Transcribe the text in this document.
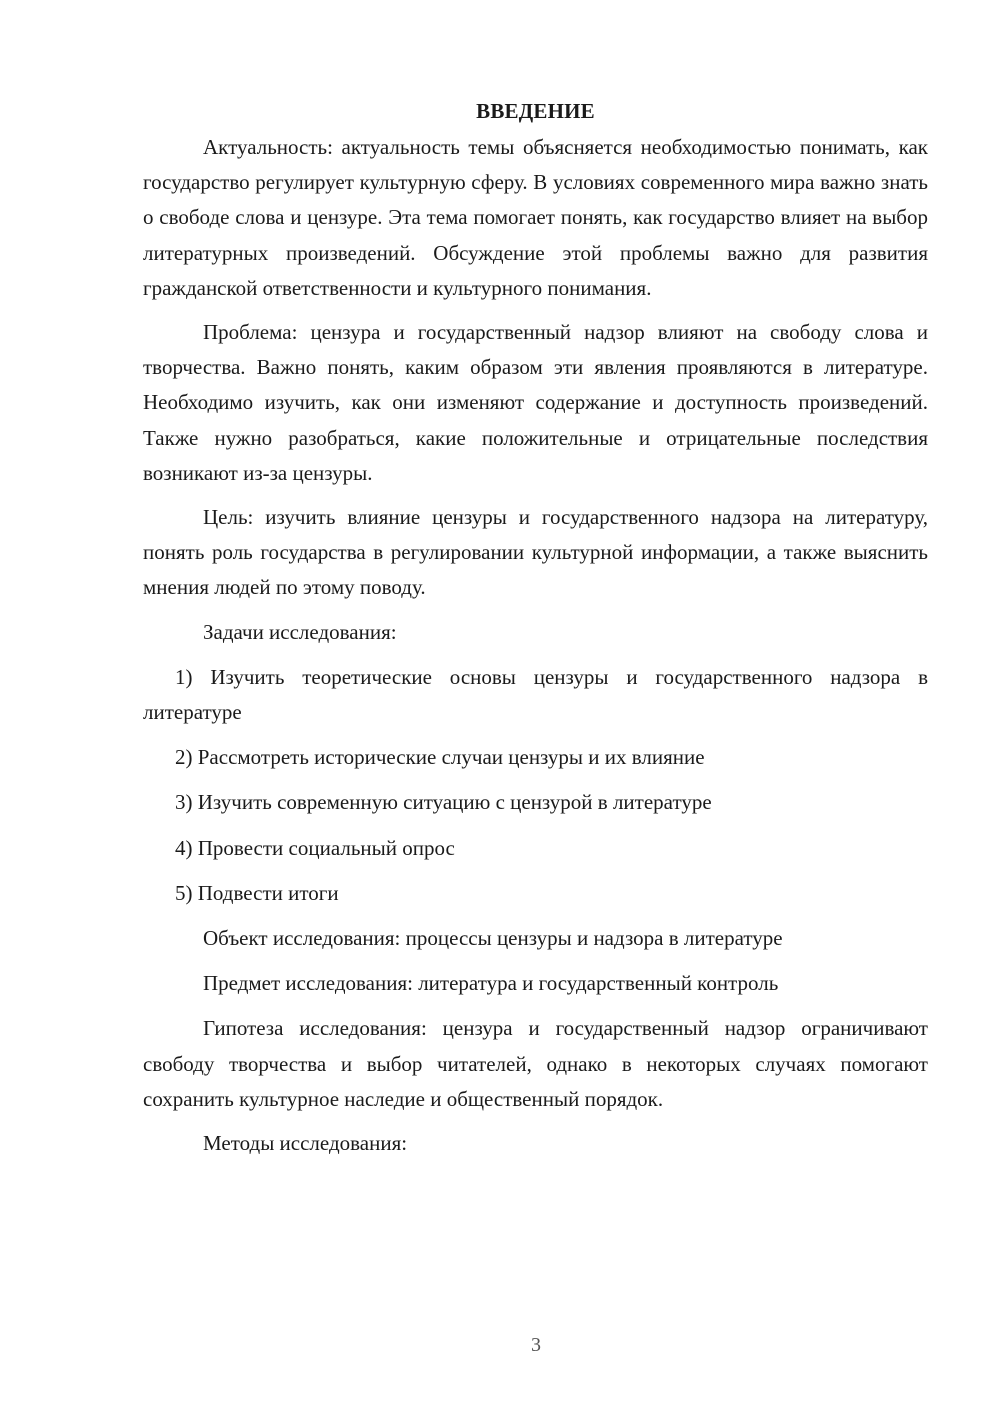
ВВЕДЕНИЕ

Актуальность: актуальность темы объясняется необходимостью понимать, как государство регулирует культурную сферу. В условиях современного мира важно знать о свободе слова и цензуре. Эта тема помогает понять, как государство влияет на выбор литературных произведений. Обсуждение этой проблемы важно для развития гражданской ответственности и культурного понимания.

Проблема: цензура и государственный надзор влияют на свободу слова и творчества. Важно понять, каким образом эти явления проявляются в литературе. Необходимо изучить, как они изменяют содержание и доступность произведений. Также нужно разобраться, какие положительные и отрицательные последствия возникают из-за цензуры.

Цель: изучить влияние цензуры и государственного надзора на литературу, понять роль государства в регулировании культурной информации, а также выяснить мнения людей по этому поводу.

Задачи исследования:

1) Изучить теоретические основы цензуры и государственного надзора в литературе

2) Рассмотреть исторические случаи цензуры и их влияние

3) Изучить современную ситуацию с цензурой в литературе

4) Провести социальный опрос

5) Подвести итоги

Объект исследования: процессы цензуры и надзора в литературе

Предмет исследования: литература и государственный контроль

Гипотеза исследования: цензура и государственный надзор ограничивают свободу творчества и выбор читателей, однако в некоторых случаях помогают сохранить культурное наследие и общественный порядок.

Методы исследования:

3
